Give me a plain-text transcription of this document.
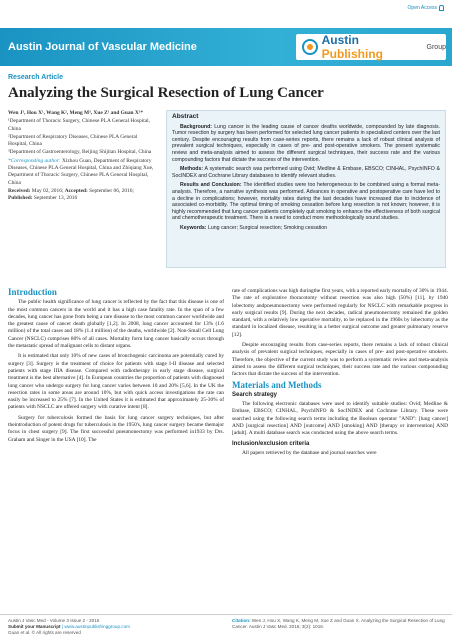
Open Access
Austin Journal of Vascular Medicine	Austin Publishing	Group
Research Article
Analyzing the Surgical Resection of Lung Cancer

Wen J¹, Hou X¹, Wang K², Meng M³, Xue Z¹ and Guan X¹*

¹Department of Thoracic Surgery, Chinese PLA General Hospital, China

²Department of Respiratory Diseases, Chinese PLA General Hospital, China

³Department of Gastroenterology, Beijing Shijitan Hospital, China

*Corresponding author: Xizhou Guan, Department of Respiratory Diseases, Chinese PLA General Hospital, China and Zhiqiang Xue, Department of Thoracic Surgery, Chinese PLA General Hospital, China

Received: May 02, 2016; Accepted: September 06, 2016; Published: September 13, 2016

Abstract

Background: Lung cancer is the leading cause of cancer deaths worldwide, compounded by late diagnosis. Tumor resection by surgery has been performed for selected lung cancer patients in specialized centers over the last century. Despite encouraging results from case-series reports, there remains a lack of robust clinical analysis of prevalent surgical techniques, especially in cases of pre- and post-operative smokers. The present systematic review and meta-analysis aimed to assess the different surgical techniques, their success rate and the various compounding factors that dictate the success of the intervention.

Methods: A systematic search was performed using Ovid; Medline & Embase, EBSCO; CINHAL, PsychINFO & SocINDEX and Cochrane Library databases to identify relevant studies.

Results and Conclusion: The identified studies were too heterogeneous to be combined using a formal meta-analysis. Therefore, a narrative synthesis was performed. Advances in operative and postoperative care have led to a decline in complications; however, mortality rates during the last decades have increased due to incidence of associated co-morbidity. The optimal timing of smoking cessation before lung resection is not known; however, it is highly recommended that lung cancer patients completely quit smoking to enhance the effectiveness of both surgical and chemotherapeutic treatment. There is a need to conduct more methodologically sound studies.

Keywords: Lung cancer; Surgical resection; Smoking cessation

Introduction

The public health significance of lung cancer is reflected by the fact that this disease is one of the most common cancers in the world and it has a high case fatality rate. In the span of a few decades, lung cancer has gone from being a rare disease to the most common cancer worldwide and the greatest cause of cancer death globally [1,2]. In 2008, lung cancer accounted for 13% (1.6 million) of the total cases and 18% (1.4 million) of the deaths, worldwide [2]. Non-Small Cell Lung Cancer (NSCLC) comprises 80% of all cases. Mortality form lung cancer basically occurs through the metastatic spread of malignant cells to distant organs.

It is estimated that only 10% of new cases of bronchogenic carcinoma are potentially cured by surgery [3]. Surgery is the treatment of choice for patients with stage I-II disease and selected patients with stage IIIA disease. Compared with radiotherapy in early stage disease, surgical treatment is the best alternative [4]. In European countries the proportion of patients with diagnosed lung cancer who undergo surgery for lung cancer varies between 10 and 20% [5,6]. In the UK the resection rates in some areas are around 10%, but with quick access investigations the rate can easily be increased to 25% [7]. In the United States it is estimated that approximately 25-30% of patients with NSCLC are offered surgery with curative intent [8].

Surgery for tuberculosis formed the basis for lung cancer surgery techniques, but after theintroduction of potent drugs for tuberculosis in the 1950's, lung cancer surgery became themajor focus in chest surgery [9]. The first successful pneumonectomy was performed in1933 by Drs. Graham and Singer in the USA [10]. The

rate of complications was high duringthe first years, with a reported early mortality of 30% in 1944. The rate of explorative thoracotomy without resection was also high (50%) [11], by 1940 lobectomy andpneumonectomy were performed regularly for NSCLC with remarkable progress in early surgical results [9]. During the next decades, radical pneumonectomy remained the golden standard, with a relatively low operative mortality, to be replaced in the 1960s by lobectomy as the standard in localized disease, resulting in a better surgical outcome and greater pulmonary reserve [12].

Despite encouraging results from case-series reports, there remains a lack of robust clinical analysis of prevalent surgical techniques, especially in cases of pre- and post-operative smokers. Therefore, the objective of the current study was to perform a systematic review and meta-analysis aimed to assess the different surgical techniques, their success rate and the various compounding factors that dictate the success of the intervention.

Materials and Methods
Search strategy

The following electronic databases were used to identify suitable studies: Ovid; Medline & Embase, EBSCO; CINHAL, PsychINFO & SocINDEX and Cochrane Library. These were searched using the following search terms including the Boolean operator "AND": [lung cancer] AND [surgical resection] AND [outcome] AND [smoking] AND [therapy or intervention] AND [adult]. A multi database search was conducted using the above search terms.

Inclusion/exclusion criteria

All papers retrieved by the database and journal searches were

Austin J Vasc Med - Volume 3 Issue 2 - 2016
Submit your Manuscript | www.austinpublishinggroup.com
Guan et al. © All rights are reserved
Citation: Wen J, Hou X, Wang K, Meng M, Xue Z and Guan X. Analyzing the Surgical Resection of Lung Cancer. Austin J Vasc Med. 2016; 3(2): 1016.
